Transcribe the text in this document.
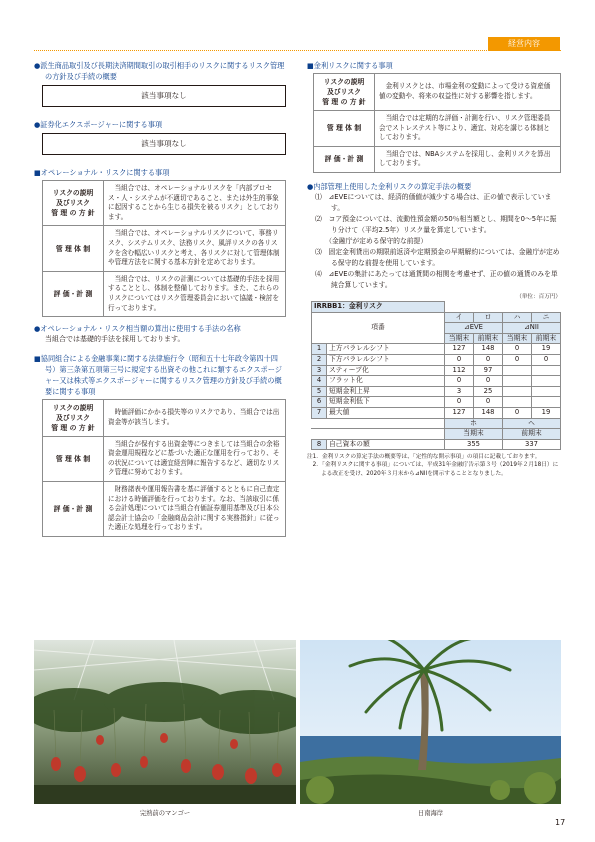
経営内容

●派生商品取引及び長期決済期間取引の取引相手のリスクに関するリスク管理の方針及び手続の概要

該当事項なし

●証券化エクスポージャーに関する事項

該当事項なし

■オペレーショナル・リスクに関する事項

リスクの説明
及びリスク
管 理 の 方 針	当組合では、オペレーショナルリスクを「内部プロセス・人・システムが不適切であること、または外生的事象に起因することから生じる損失を被るリスク」としております。

管 理 体 制	当組合では、オペレーショナルリスクについて、事務リスク、システムリスク、法務リスク、風評リスクの各リスクを含む幅広いリスクと考え、各リスクに対して管理体制や管理方法をに関する基本方針を定めております。

評 価・計 測	当組合では、リスクの計測については基礎的手法を採用することとし、体制を整備しております。また、これらのリスクについてはリスク管理委員会において協議・検討を行っております。

●オペレーショナル・リスク相当額の算出に使用する手法の名称

当組合では基礎的手法を採用しております。

■協同組合による金融事業に関する法律施行令（昭和五十七年政令第四十四号）第三条第五項第三号に規定する出資その他これに類するエクスポージャー又は株式等エクスポージャーに関するリスク管理の方針及び手続の概要に関する事項

リスクの説明
及びリスク
管 理 の 方 針	時価評価にかかる損失等のリスクであり、当組合では出資金等が該当します。

管 理 体 制	当組合が保有する出資金等につきましては当組合の余裕資金運用規程などに基づいた適正な運用を行っており、その状況については適宜経営陣に報告するなど、適切なリスク管理に努めております。

評 価・計 測	財務諸表や運用報告書を基に評価するとともに自己査定における時価評価を行っております。なお、当該取引に係る会計処理については当組合有価証券運用基準及び日本公認会計士協会の「金融商品会計に関する実務指針」に従った適正な処理を行っております。

■金利リスクに関する事項

リスクの説明
及びリスク
管 理 の 方 針	金利リスクとは、市場金利の変動によって受ける資産価値の変動や、将来の収益性に対する影響を指します。

管 理 体 制	当組合では定期的な評価・計測を行い、リスク管理委員会でストレステスト等により、適宜、対応を講じる体制としております。

評 価・計 測	当組合では、NBAシステムを採用し、金利リスクを算出しております。

●内部管理上使用した金利リスクの算定手法の概要

⑴　⊿EVEについては、経済的価値が減少する場合は、正の値で表示しています。
⑵　コア預金については、流動性預金額の50％相当額とし、期間を0〜5年に振り分けて（平均2.5年）リスク量を算定しています。
　　（金融庁が定める保守的な前提）
⑶　固定金利貸出の期限前返済や定期預金の早期解約については、金融庁が定める保守的な前提を使用しています。
⑷　⊿EVEの集計にあたっては通貨間の相関を考慮せず、正の値の通貨のみを単純合算しています。
（単位：百万円）
IRRBB1：金利リスク					
項番		イ	ロ	ハ	ニ
		⊿EVE		⊿NII	
		当期末	前期末	当期末	前期末
1	上方パラレルシフト	127	148	0	19
2	下方パラレルシフト	0	0	0	0
3	スティープ化	112	97		
4	フラット化	0	0		
5	短期金利上昇	3	25		
6	短期金利低下	0	0		
7	最大値	127	148	0	19
		ホ		ヘ	
		当期末		前期末	
8	自己資本の額	355		337	
注1．金利リスクの算定手法の概要等は、「定性的な開示事項」の項目に記載しております。
　2．「金利リスクに関する事項」については、平成31年金融庁告示第３号（2019年２月18日）による改正を受け、2020年３月末から⊿NIIを開示することとなりました。
完熟前のマンゴー	日南海岸
17
